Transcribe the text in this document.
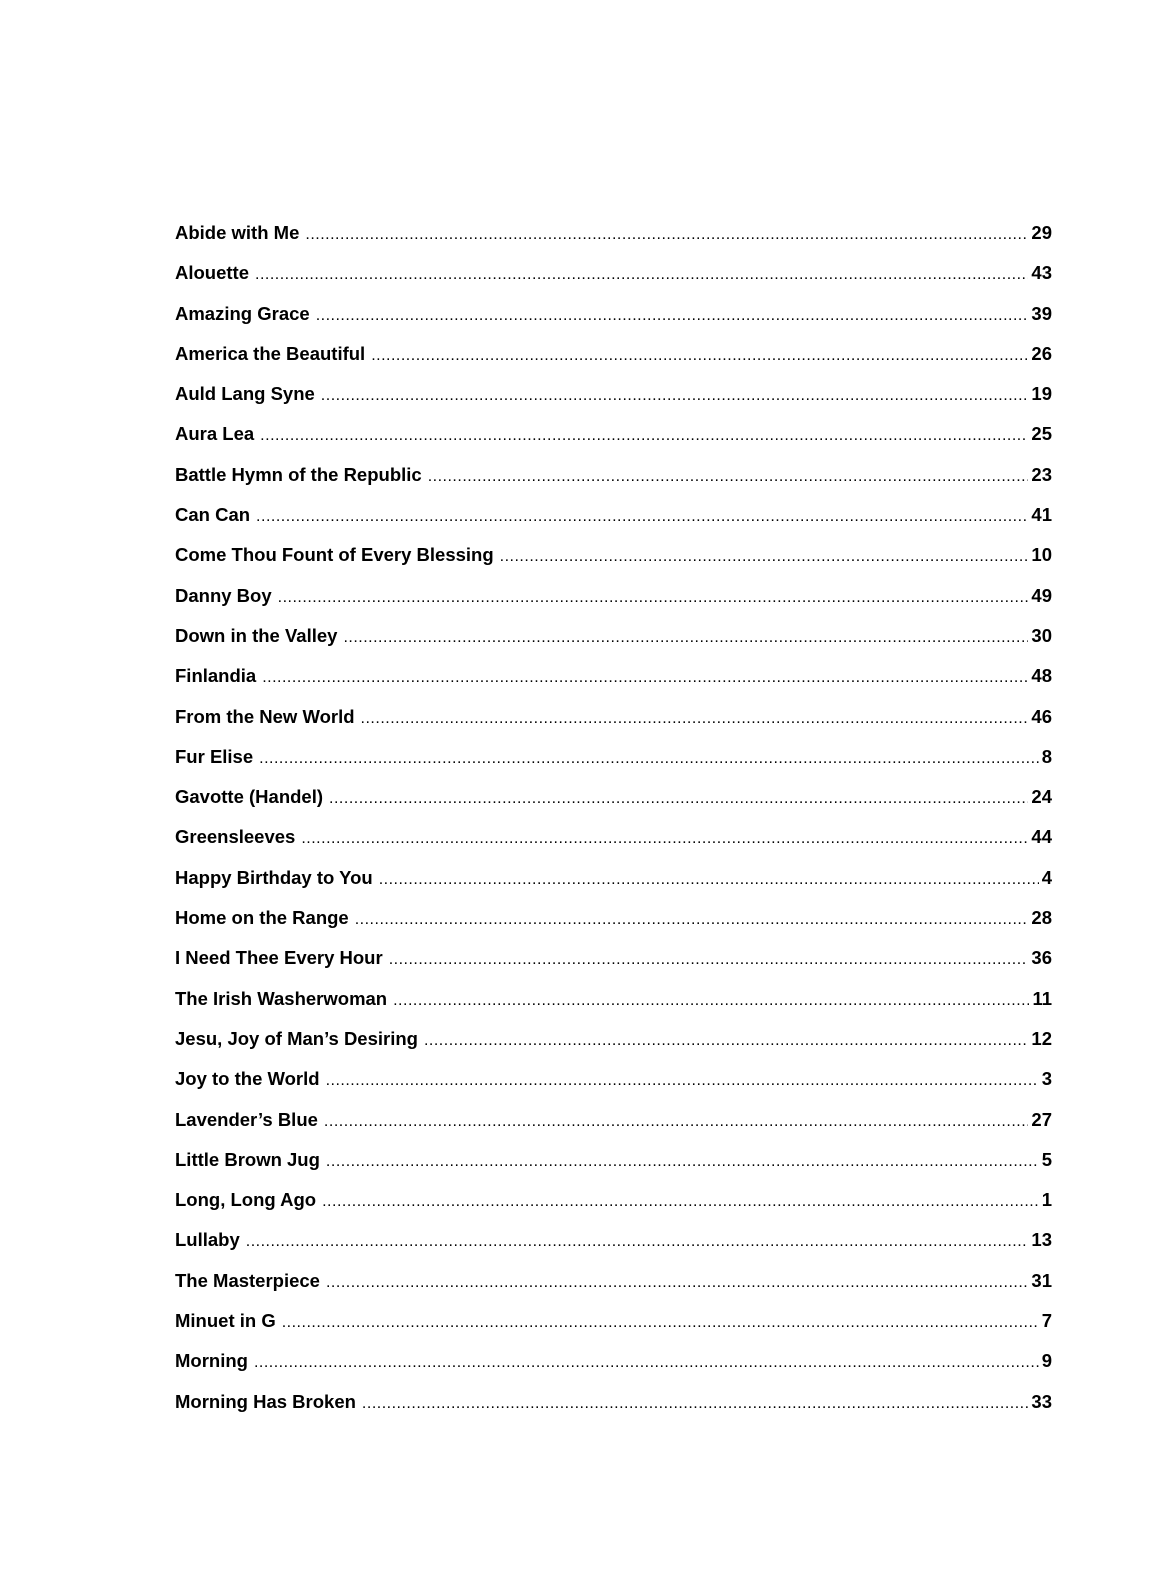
Abide with Me .....	29
Alouette .....	43
Amazing Grace .....	39
America the Beautiful .....	26
Auld Lang Syne .....	19
Aura Lea .....	25
Battle Hymn of the Republic .....	23
Can Can .....	41
Come Thou Fount of Every Blessing .....	10
Danny Boy .....	49
Down in the Valley .....	30
Finlandia .....	48
From the New World .....	46
Fur Elise .....	8
Gavotte (Handel) .....	24
Greensleeves .....	44
Happy Birthday to You .....	4
Home on the Range .....	28
I Need Thee Every Hour .....	36
The Irish Washerwoman .....	11
Jesu, Joy of Man’s Desiring .....	12
Joy to the World .....	3
Lavender’s Blue .....	27
Little Brown Jug .....	5
Long, Long Ago .....	1
Lullaby .....	13
The Masterpiece .....	31
Minuet in G .....	7
Morning .....	9
Morning Has Broken .....	33
